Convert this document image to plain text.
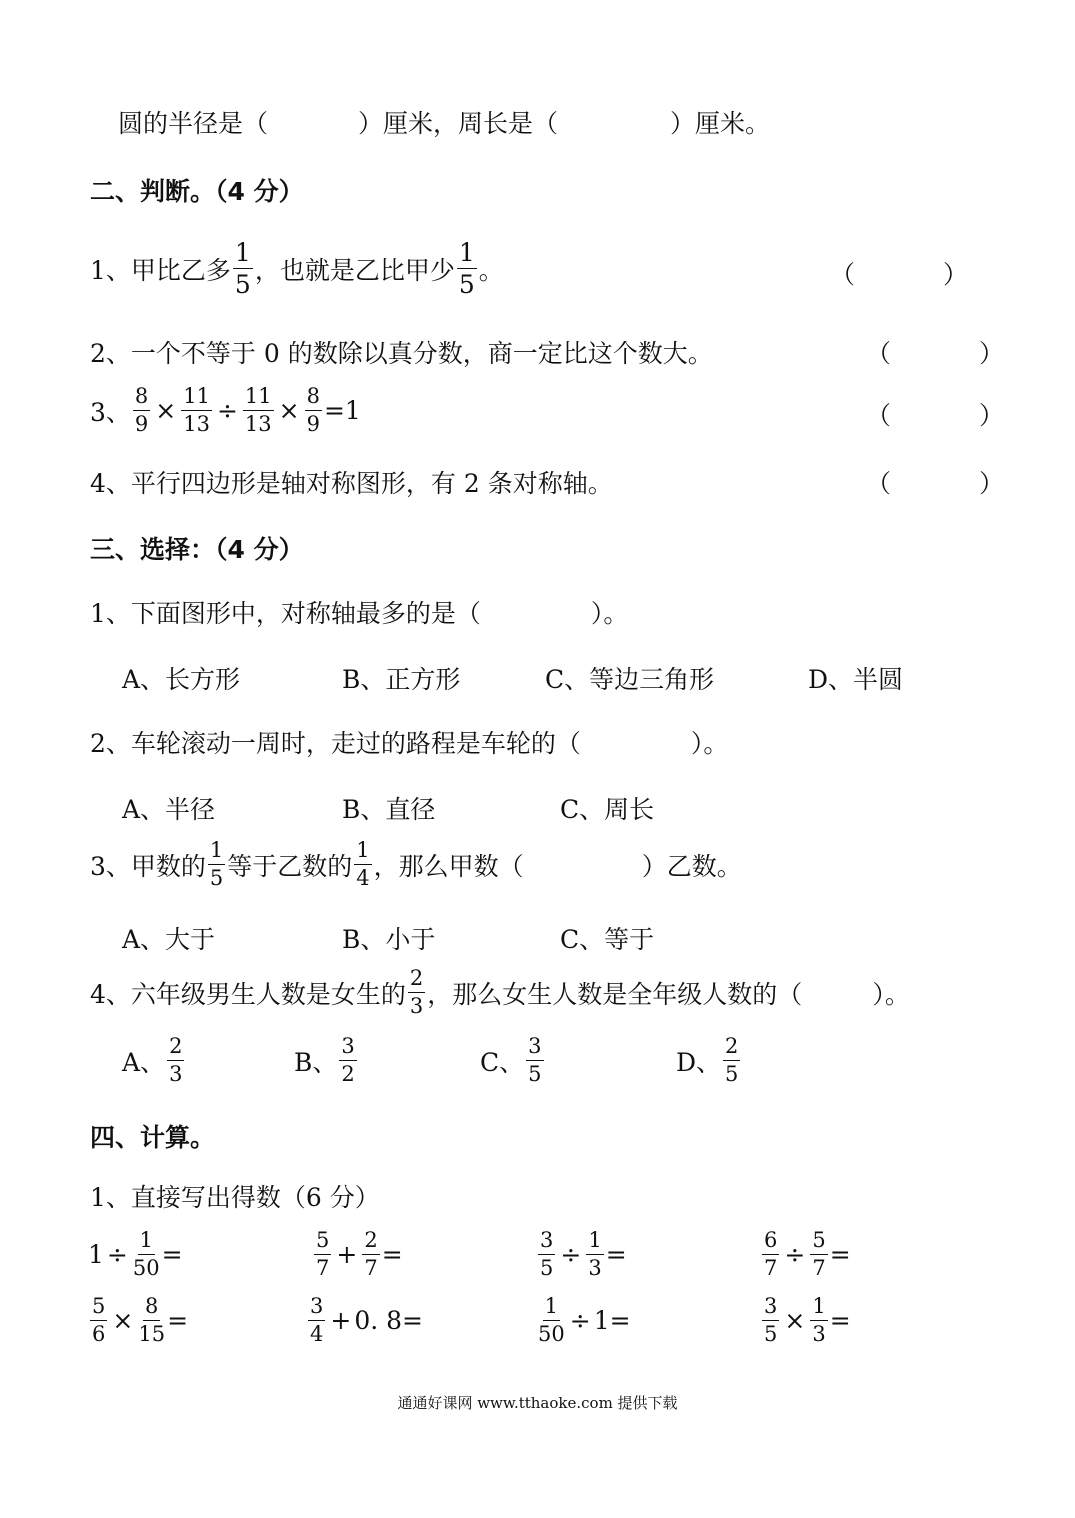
圆的半径是（	）厘米，周长是（	）厘米。
二、判断。（4 分）
1、甲比乙多 $\frac{1}{5}$ ，也就是乙比甲少 $\frac{1}{5}$ 。	（	）
2、一个不等于 0 的数除以真分数，商一定比这个数大。	（	）
3、 $\frac{8}{9} \times \frac{11}{13} \div \frac{11}{13} \times \frac{8}{9} =1$	（	）
4、平行四边形是轴对称图形，有 2 条对称轴。	（	）
三、选择：（4 分）
1、下面图形中，对称轴最多的是（	）。
A、长方形	B、正方形	C、等边三角形	D、半圆
2、车轮滚动一周时，走过的路程是车轮的（	）。
A、半径	B、直径	C、周长
3、甲数的 $\frac{1}{5}$ 等于乙数的 $\frac{1}{4}$ ，那么甲数（	）乙数。
A、大于	B、小于	C、等于
4、六年级男生人数是女生的 $\frac{2}{3}$ ，那么女生人数是全年级人数的（	）。
A、 $\frac{2}{3}$	B、 $\frac{3}{2}$	C、 $\frac{3}{5}$	D、 $\frac{2}{5}$
四、计算。
1、直接写出得数（6 分）
$1 \div \frac{1}{50}$ =	$\frac{5}{7} + \frac{2}{7}$ =	$\frac{3}{5} \div \frac{1}{3}$ =	$\frac{6}{7} \div \frac{5}{7}$ =
$\frac{5}{6} \times \frac{8}{15}$ =	$\frac{3}{4} + 0$. 8=	$\frac{1}{50} \div 1=$	$\frac{3}{5} \times \frac{1}{3}$ =
通通好课网 www.tthaoke.com 提供下载
